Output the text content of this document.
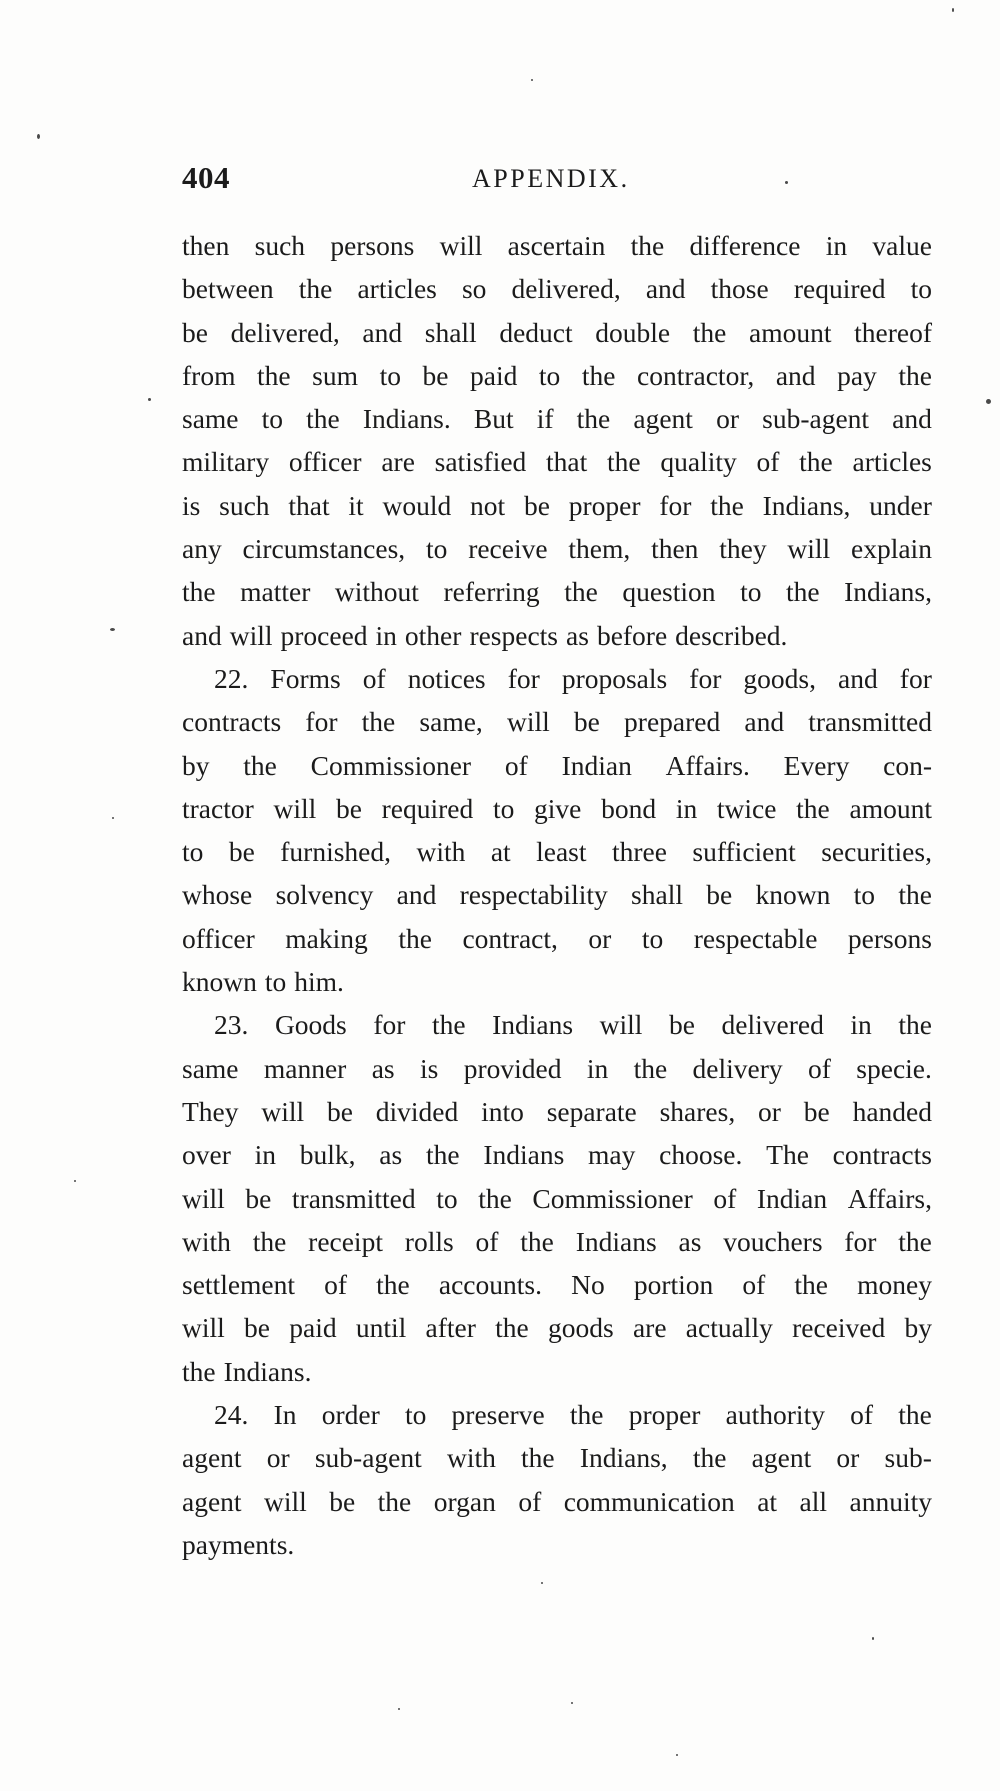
404	APPENDIX.
then such persons will ascertain the difference in value
between the articles so delivered, and those required to
be delivered, and shall deduct double the amount thereof
from the sum to be paid to the contractor, and pay the
same to the Indians. But if the agent or sub-agent and
military officer are satisfied that the quality of the articles
is such that it would not be proper for the Indians, under
any circumstances, to receive them, then they will explain
the matter without referring the question to the Indians,
and will proceed in other respects as before described.
22. Forms of notices for proposals for goods, and for
contracts for the same, will be prepared and transmitted
by the Commissioner of Indian Affairs. Every con-
tractor will be required to give bond in twice the amount
to be furnished, with at least three sufficient securities,
whose solvency and respectability shall be known to the
officer making the contract, or to respectable persons
known to him.
23. Goods for the Indians will be delivered in the
same manner as is provided in the delivery of specie.
They will be divided into separate shares, or be handed
over in bulk, as the Indians may choose. The contracts
will be transmitted to the Commissioner of Indian Affairs,
with the receipt rolls of the Indians as vouchers for the
settlement of the accounts. No portion of the money
will be paid until after the goods are actually received by
the Indians.
24. In order to preserve the proper authority of the
agent or sub-agent with the Indians, the agent or sub-
agent will be the organ of communication at all annuity
payments.
